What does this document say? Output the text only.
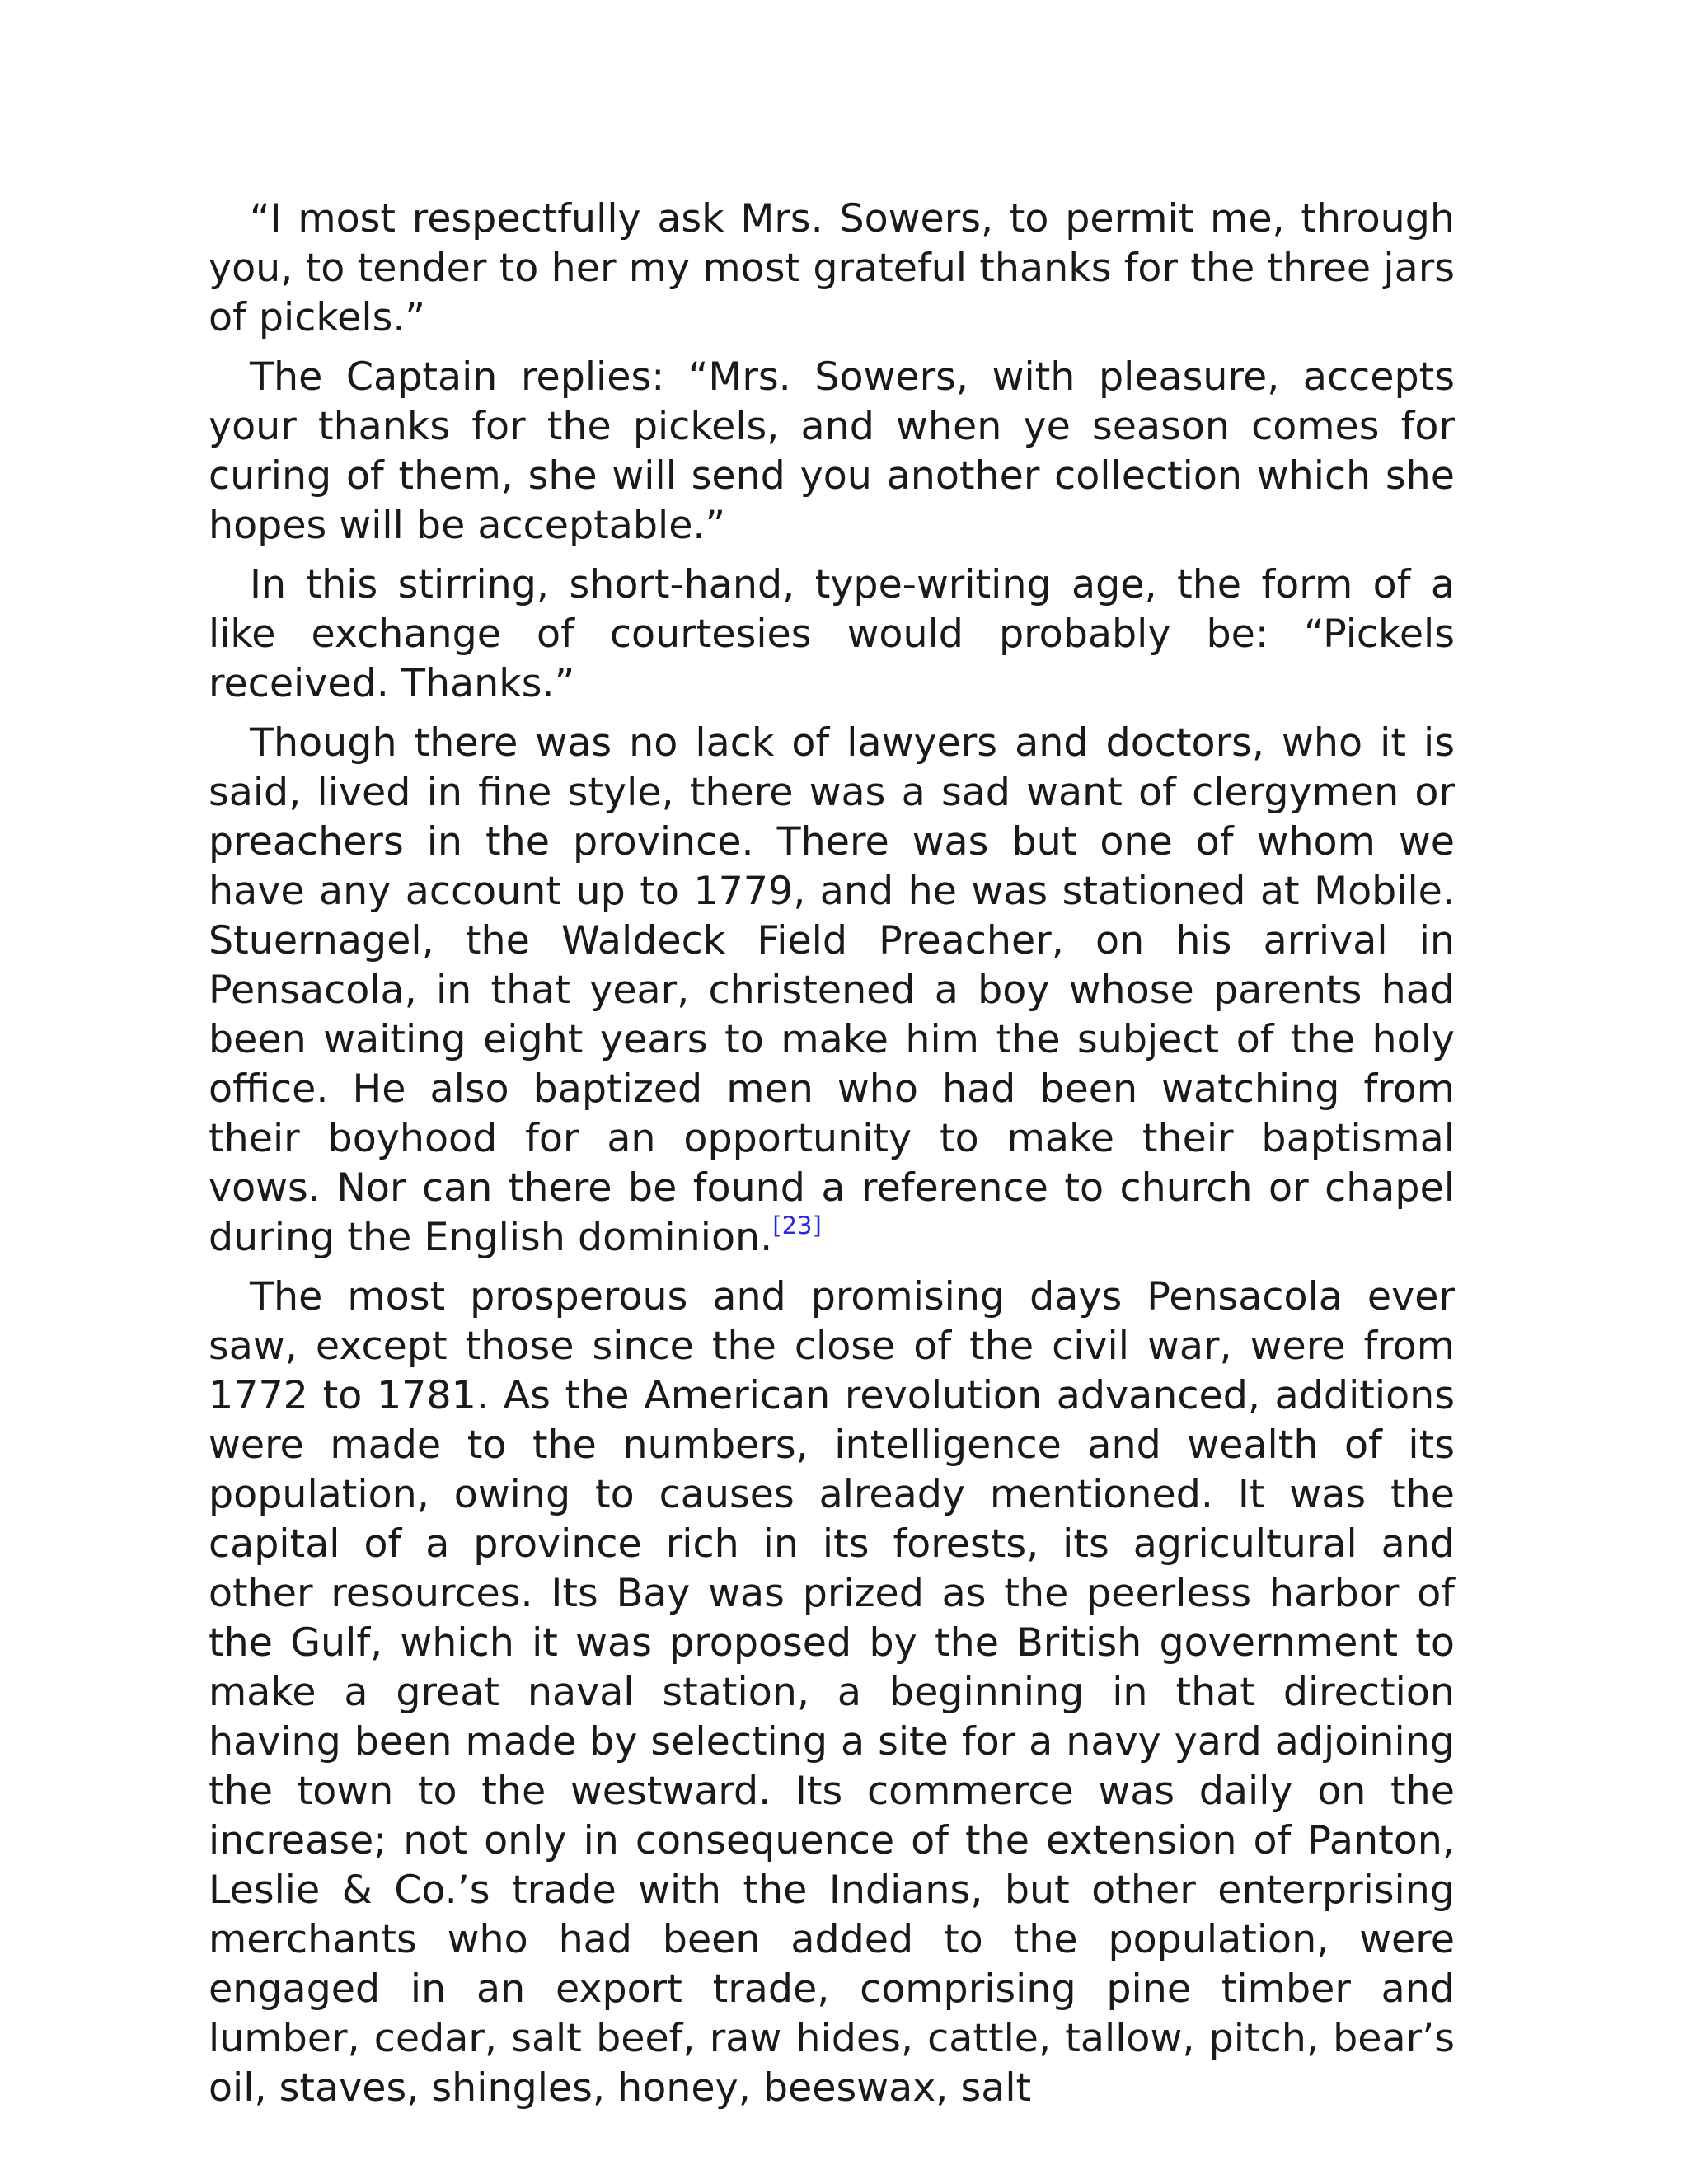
“I most respectfully ask Mrs. Sowers, to permit me, through you, to tender to her my most grateful thanks for the three jars of pickels.”

The Captain replies: “Mrs. Sowers, with pleasure, accepts your thanks for the pickels, and when ye season comes for curing of them, she will send you another collection which she hopes will be acceptable.”

In this stirring, short-hand, type-writing age, the form of a like exchange of courtesies would probably be: “Pickels received. Thanks.”

Though there was no lack of lawyers and doctors, who it is said, lived in fine style, there was a sad want of clergymen or preachers in the province. There was but one of whom we have any account up to 1779, and he was stationed at Mobile. Stuernagel, the Waldeck Field Preacher, on his arrival in Pensacola, in that year, christened a boy whose parents had been waiting eight years to make him the subject of the holy office. He also baptized men who had been watching from their boyhood for an opportunity to make their baptismal vows. Nor can there be found a reference to church or chapel during the English dominion.[23]

The most prosperous and promising days Pensacola ever saw, except those since the close of the civil war, were from 1772 to 1781. As the American revolution advanced, additions were made to the numbers, intelligence and wealth of its population, owing to causes already mentioned. It was the capital of a province rich in its forests, its agricultural and other resources. Its Bay was prized as the peerless harbor of the Gulf, which it was proposed by the British government to make a great naval station, a beginning in that direction having been made by selecting a site for a navy yard adjoining the town to the westward. Its commerce was daily on the increase; not only in consequence of the extension of Panton, Leslie & Co.’s trade with the Indians, but other enterprising merchants who had been added to the population, were engaged in an export trade, comprising pine timber and lumber, cedar, salt beef, raw hides, cattle, tallow, pitch, bear’s oil, staves, shingles, honey, beeswax, salt
